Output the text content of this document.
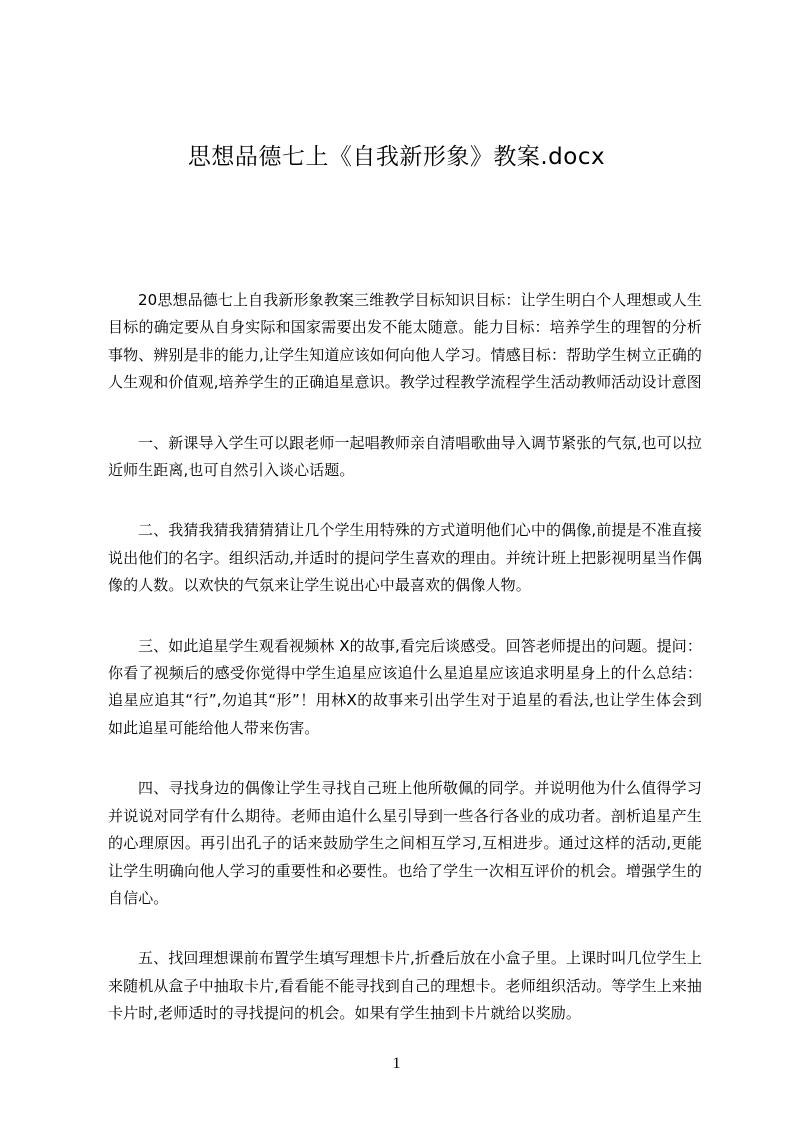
思想品德七上《自我新形象》教案.docx

20思想品德七上自我新形象教案三维教学目标知识目标：让学生明白个人理想或人生目标的确定要从自身实际和国家需要出发不能太随意。能力目标：培养学生的理智的分析事物、辨别是非的能力,让学生知道应该如何向他人学习。情感目标：帮助学生树立正确的人生观和价值观,培养学生的正确追星意识。教学过程教学流程学生活动教师活动设计意图

一、新课导入学生可以跟老师一起唱教师亲自清唱歌曲导入调节紧张的气氛,也可以拉近师生距离,也可自然引入谈心话题。

二、我猜我猜我猜猜猜让几个学生用特殊的方式道明他们心中的偶像,前提是不准直接说出他们的名字。组织活动,并适时的提问学生喜欢的理由。并统计班上把影视明星当作偶像的人数。以欢快的气氛来让学生说出心中最喜欢的偶像人物。

三、如此追星学生观看视频林 X的故事,看完后谈感受。回答老师提出的问题。提问：你看了视频后的感受你觉得中学生追星应该追什么星追星应该追求明星身上的什么总结：追星应追其“行”,勿追其“形”！用林X的故事来引出学生对于追星的看法,也让学生体会到如此追星可能给他人带来伤害。

四、寻找身边的偶像让学生寻找自己班上他所敬佩的同学。并说明他为什么值得学习并说说对同学有什么期待。老师由追什么星引导到一些各行各业的成功者。剖析追星产生的心理原因。再引出孔子的话来鼓励学生之间相互学习,互相进步。通过这样的活动,更能让学生明确向他人学习的重要性和必要性。也给了学生一次相互评价的机会。增强学生的自信心。

五、找回理想课前布置学生填写理想卡片,折叠后放在小盒子里。上课时叫几位学生上来随机从盒子中抽取卡片,看看能不能寻找到自己的理想卡。老师组织活动。等学生上来抽卡片时,老师适时的寻找提问的机会。如果有学生抽到卡片就给以奖励。

1
